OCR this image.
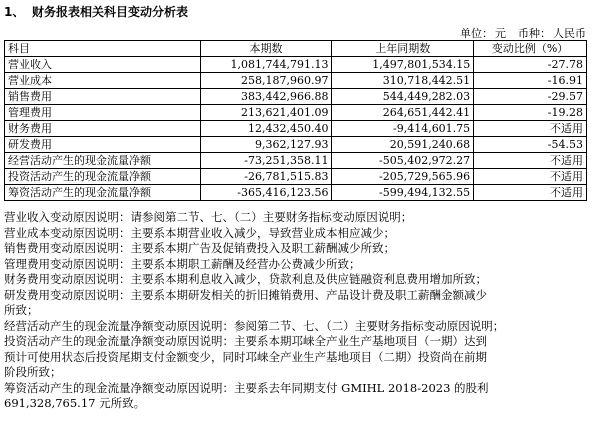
1、 财务报表相关科目变动分析表
单位： 元 币种： 人民币
科目	本期数	上年同期数	变动比例（%）
营业收入	1,081,744,791.13	1,497,801,534.15	-27.78
营业成本	258,187,960.97	310,718,442.51	-16.91
销售费用	383,442,966.88	544,449,282.03	-29.57
管理费用	213,621,401.09	264,651,442.41	-19.28
财务费用	12,432,450.40	-9,414,601.75	不适用
研发费用	9,362,127.93	20,591,240.68	-54.53
经营活动产生的现金流量净额	-73,251,358.11	-505,402,972.27	不适用
投资活动产生的现金流量净额	-26,781,515.83	-205,729,565.96	不适用
筹资活动产生的现金流量净额	-365,416,123.56	-599,494,132.55	不适用

营业收入变动原因说明：请参阅第二节、七、（二）主要财务指标变动原因说明；

营业成本变动原因说明：主要系本期营业收入减少，导致营业成本相应减少；

销售费用变动原因说明：主要系本期广告及促销费投入及职工薪酬减少所致；

管理费用变动原因说明：主要系本期职工薪酬及经营办公费减少所致；

财务费用变动原因说明：主要系本期利息收入减少，贷款利息及供应链融资利息费用增加所致；

研发费用变动原因说明：主要系本期研发相关的折旧摊销费用、产品设计费及职工薪酬金额减少

所致；

经营活动产生的现金流量净额变动原因说明：参阅第二节、七、（二）主要财务指标变动原因说明；

投资活动产生的现金流量净额变动原因说明：主要系本期邛崃全产业生产基地项目（一期）达到

预计可使用状态后投资尾期支付金额变少，同时邛崃全产业生产基地项目（二期）投资尚在前期

阶段所致；

筹资活动产生的现金流量净额变动原因说明：主要系去年同期支付 GMIHL 2018-2023 的股利

691,328,765.17 元所致。
